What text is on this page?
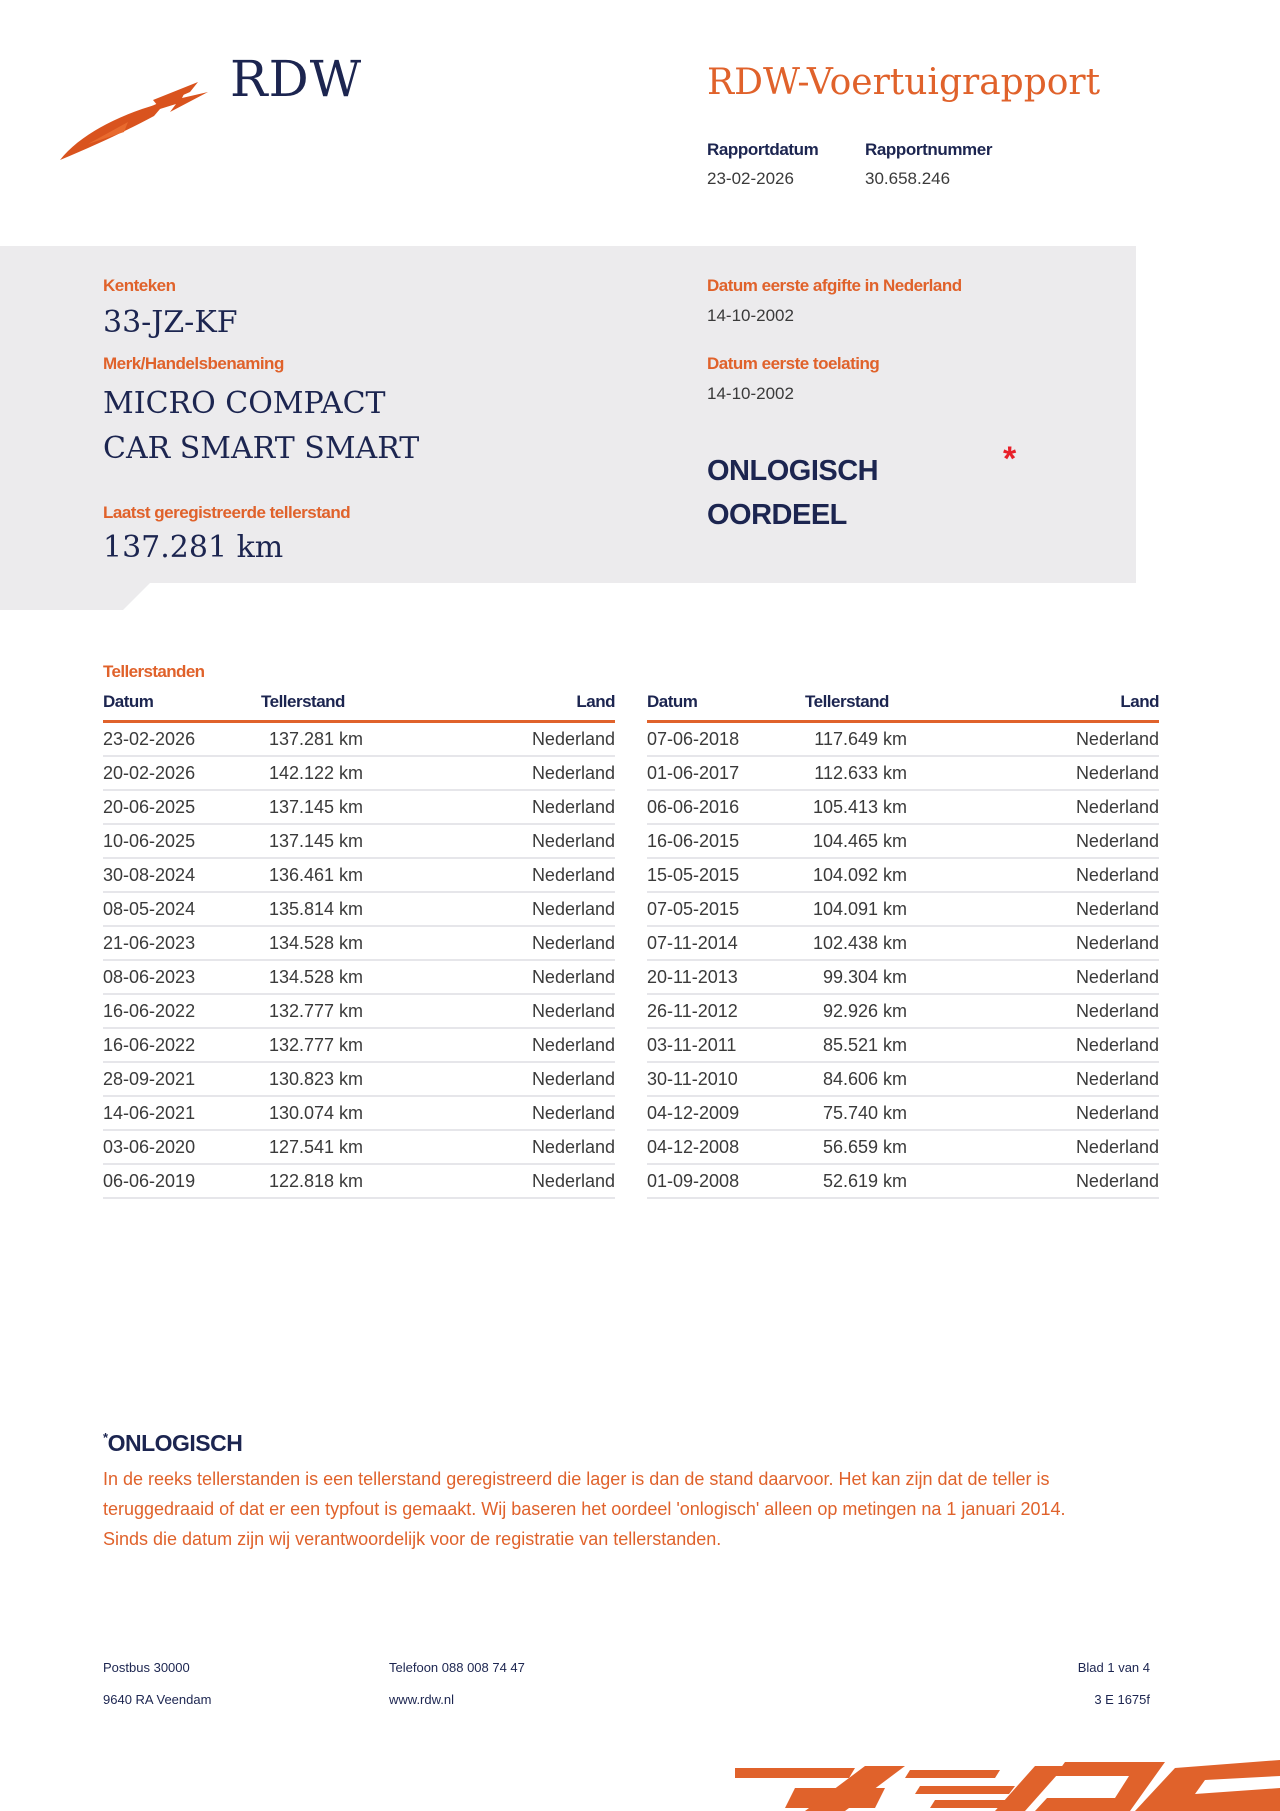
RDW	RDW-Voertuigrapport
Rapportdatum
23-02-2026
Rapportnummer
30.658.246
Kenteken
33-JZ-KF
Merk/Handelsbenaming
MICRO COMPACT
CAR SMART SMART
Laatst geregistreerde tellerstand
137.281 km
Datum eerste afgifte in Nederland
14-10-2002
Datum eerste toelating
14-10-2002
ONLOGISCH
OORDEEL
*
Tellerstanden
Datum	Tellerstand	Land
23-02-2026	137.281 km	Nederland
20-02-2026	142.122 km	Nederland
20-06-2025	137.145 km	Nederland
10-06-2025	137.145 km	Nederland
30-08-2024	136.461 km	Nederland
08-05-2024	135.814 km	Nederland
21-06-2023	134.528 km	Nederland
08-06-2023	134.528 km	Nederland
16-06-2022	132.777 km	Nederland
16-06-2022	132.777 km	Nederland
28-09-2021	130.823 km	Nederland
14-06-2021	130.074 km	Nederland
03-06-2020	127.541 km	Nederland
06-06-2019	122.818 km	Nederland
Datum	Tellerstand	Land
07-06-2018	117.649 km	Nederland
01-06-2017	112.633 km	Nederland
06-06-2016	105.413 km	Nederland
16-06-2015	104.465 km	Nederland
15-05-2015	104.092 km	Nederland
07-05-2015	104.091 km	Nederland
07-11-2014	102.438 km	Nederland
20-11-2013	99.304 km	Nederland
26-11-2012	92.926 km	Nederland
03-11-2011	85.521 km	Nederland
30-11-2010	84.606 km	Nederland
04-12-2009	75.740 km	Nederland
04-12-2008	56.659 km	Nederland
01-09-2008	52.619 km	Nederland
*ONLOGISCH
In de reeks tellerstanden is een tellerstand geregistreerd die lager is dan de stand daarvoor. Het kan zijn dat de teller is teruggedraaid of dat er een typfout is gemaakt. Wij baseren het oordeel 'onlogisch' alleen op metingen na 1 januari 2014. Sinds die datum zijn wij verantwoordelijk voor de registratie van tellerstanden.
Postbus 30000
9640 RA Veendam
Telefoon 088 008 74 47
www.rdw.nl
Blad 1 van 4
3 E 1675f
